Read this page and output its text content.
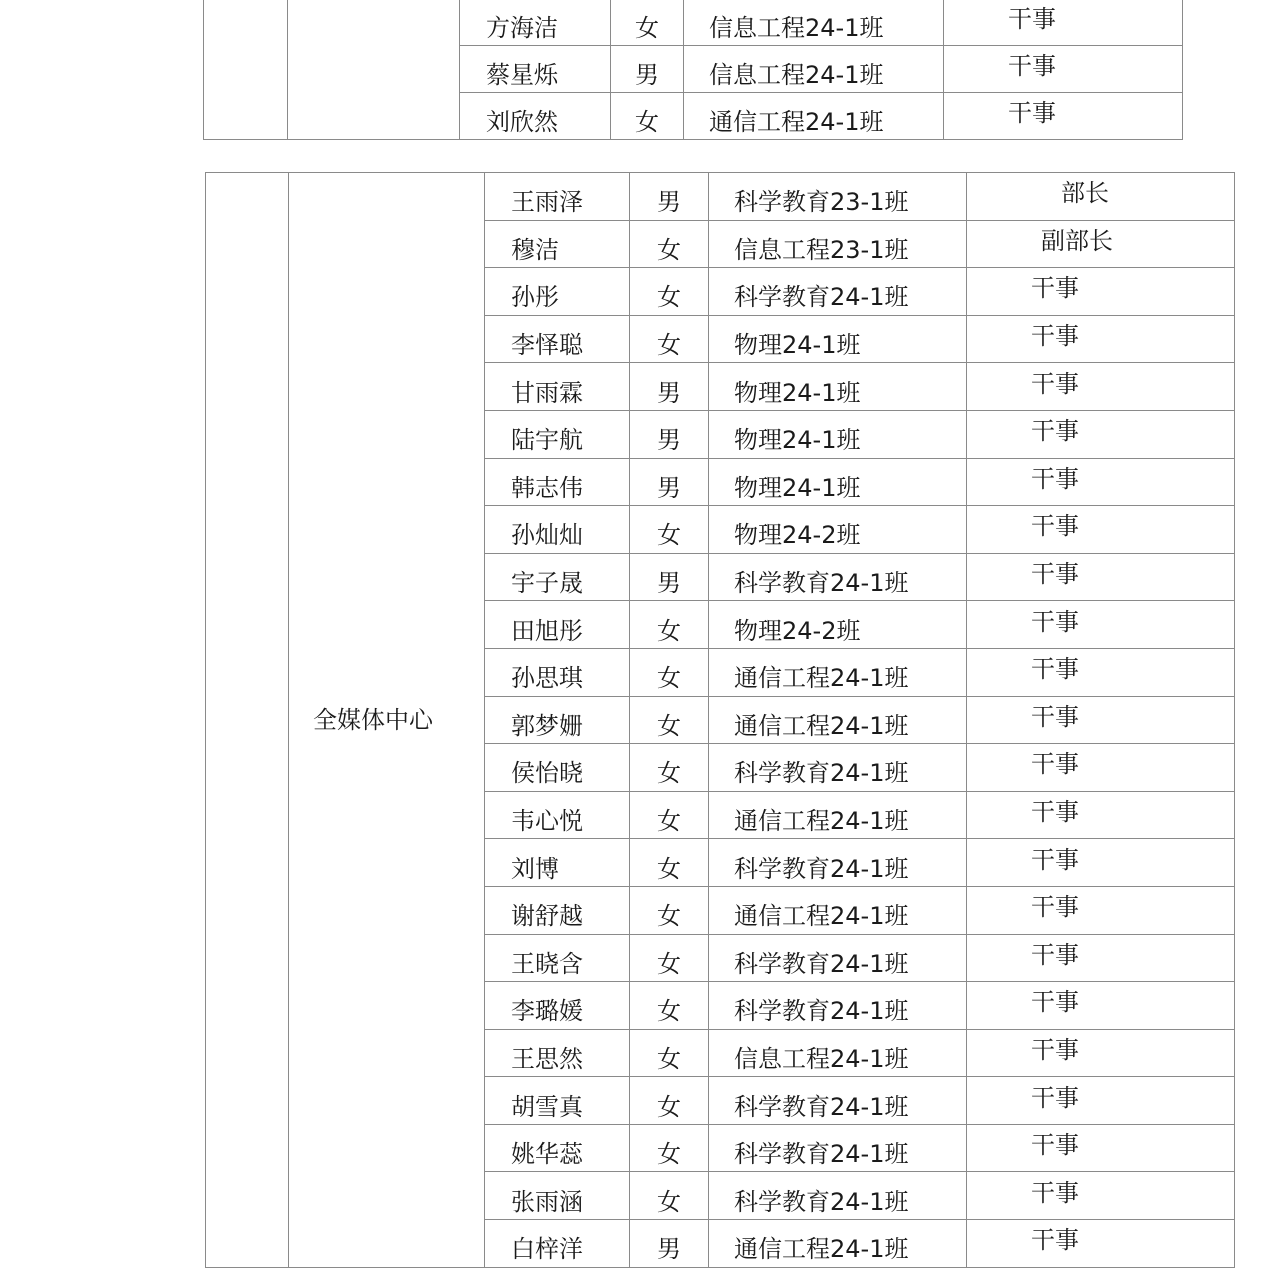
		方海洁	女	信息工程24-1班	干事
		蔡星烁	男	信息工程24-1班	干事
		刘欣然	女	通信工程24-1班	干事
	全媒体中心	王雨泽	男	科学教育23-1班	部长
		穆洁	女	信息工程23-1班	副部长
		孙彤	女	科学教育24-1班	干事
		李怿聪	女	物理24-1班	干事
		甘雨霖	男	物理24-1班	干事
		陆宇航	男	物理24-1班	干事
		韩志伟	男	物理24-1班	干事
		孙灿灿	女	物理24-2班	干事
		宇子晟	男	科学教育24-1班	干事
		田旭彤	女	物理24-2班	干事
		孙思琪	女	通信工程24-1班	干事
		郭梦姗	女	通信工程24-1班	干事
		侯怡晓	女	科学教育24-1班	干事
		韦心悦	女	通信工程24-1班	干事
		刘博	女	科学教育24-1班	干事
		谢舒越	女	通信工程24-1班	干事
		王晓含	女	科学教育24-1班	干事
		李璐媛	女	科学教育24-1班	干事
		王思然	女	信息工程24-1班	干事
		胡雪真	女	科学教育24-1班	干事
		姚华蕊	女	科学教育24-1班	干事
		张雨涵	女	科学教育24-1班	干事
		白梓洋	男	通信工程24-1班	干事
